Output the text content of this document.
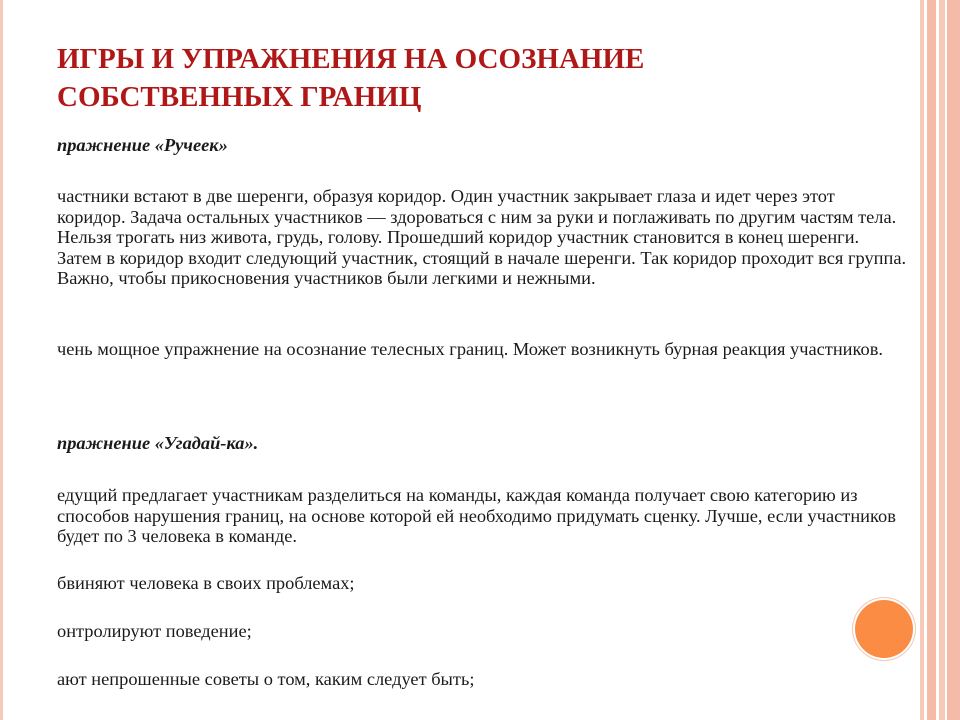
ИГРЫ И УПРАЖНЕНИЯ НА ОСОЗНАНИЕ
СОБСТВЕННЫХ ГРАНИЦ

пражнение «Ручеек»

частники встают в две шеренги, образуя коридор. Один участник закрывает глаза и идет через этот коридор. Задача остальных участников — здороваться с ним за руки и поглаживать по другим частям тела. Нельзя трогать низ живота, грудь, голову. Прошедший коридор участник становится в конец шеренги. Затем в коридор входит следующий участник, стоящий в начале шеренги. Так коридор проходит вся группа. Важно, чтобы прикосновения участников были легкими и нежными.

чень мощное упражнение на осознание телесных границ. Может возникнуть бурная реакция участников.

пражнение «Угадай-ка».

едущий предлагает участникам разделиться на команды, каждая команда получает свою категорию из способов нарушения границ, на основе которой ей необходимо придумать сценку. Лучше, если участников будет по 3 человека в команде.

бвиняют человека в своих проблемах;

онтролируют поведение;

ают непрошенные советы о том, каким следует быть;
